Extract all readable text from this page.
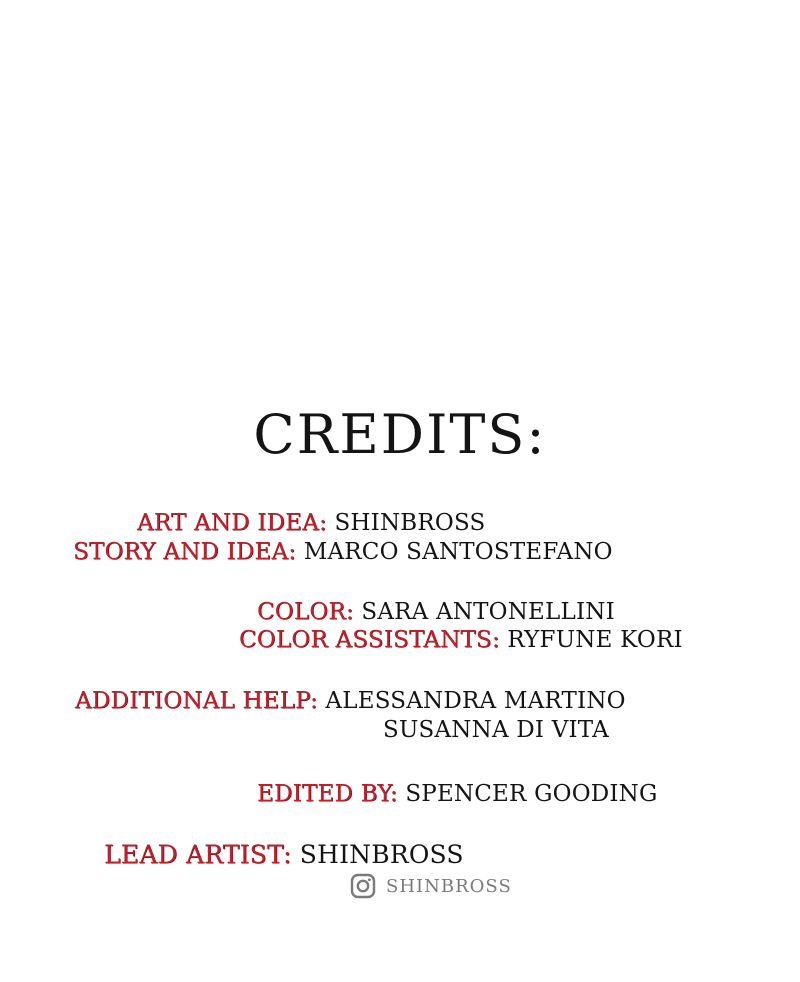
CREDITS:
ART AND IDEA: SHINBROSS
STORY AND IDEA: MARCO SANTOSTEFANO
COLOR: SARA ANTONELLINI
COLOR ASSISTANTS: RYFUNE KORI
ADDITIONAL HELP: ALESSANDRA MARTINO
SUSANNA DI VITA
EDITED BY: SPENCER GOODING
LEAD ARTIST: SHINBROSS
SHINBROSS
